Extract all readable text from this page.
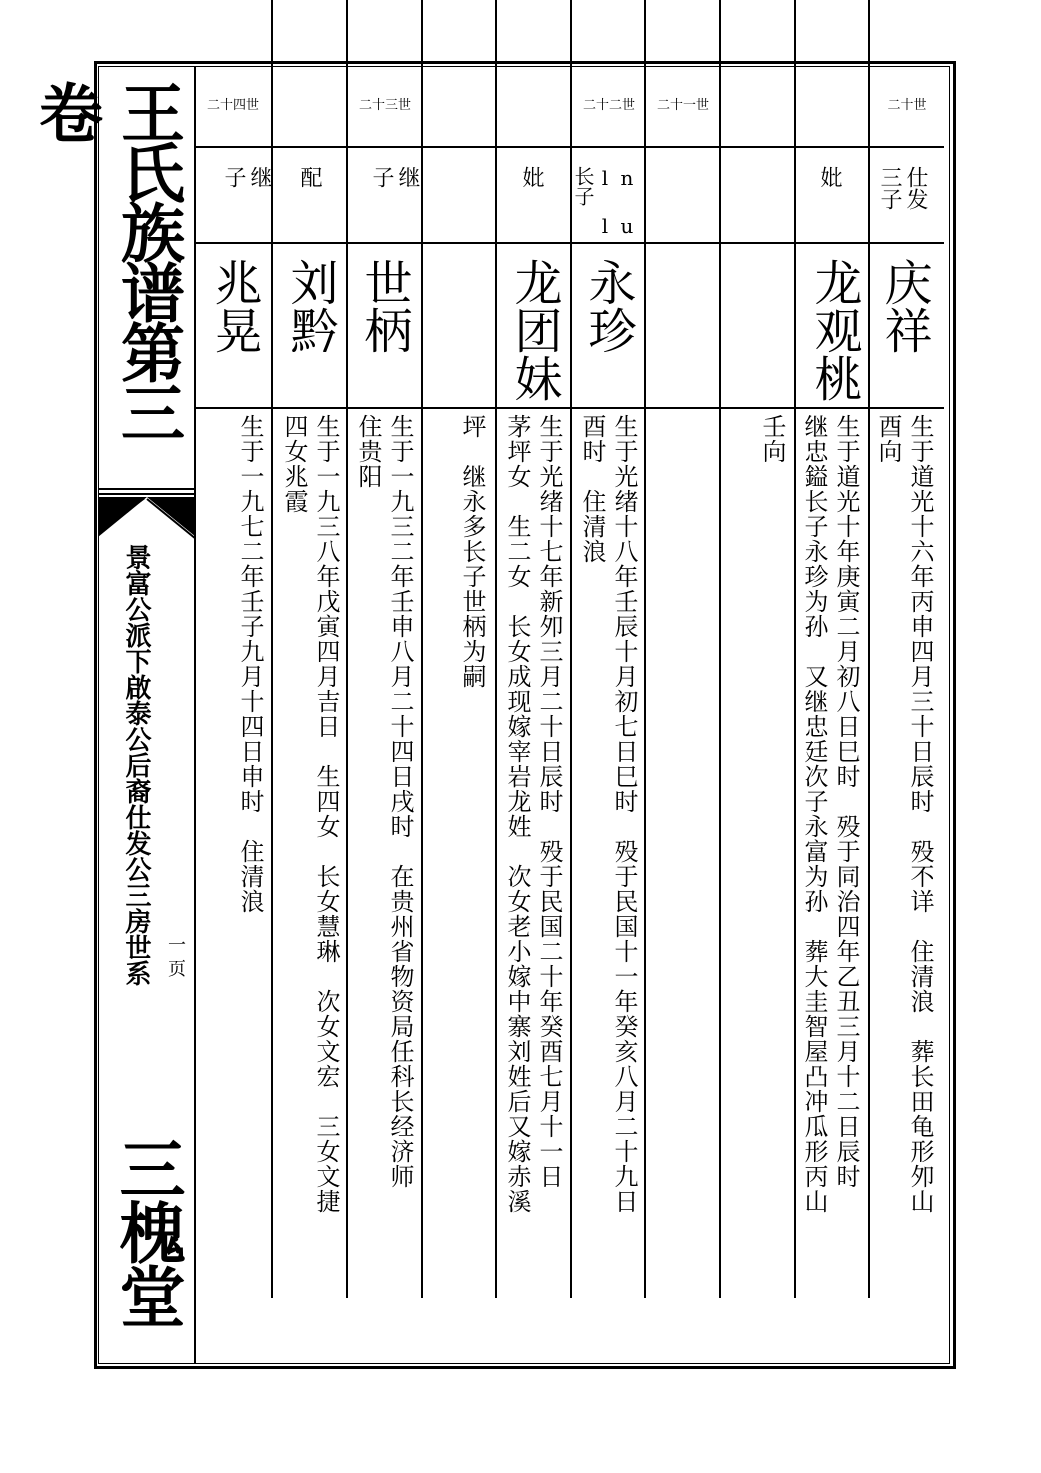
王氏族谱第三卷
景富公派下啟泰公后裔仕发公三房世系 一页
三槐堂
二十世
仕发
三子
庆祥
生于道光十六年丙申四月三十日辰时　殁不详　住清浪　葬长田龟形夘山
酉向
妣
龙观桃
生于道光十年庚寅二月初八日巳时　殁于同治四年乙丑三月十二日辰时
继忠鎰长子永珍为孙　又继忠廷次子永富为孙　葬大圭智屋凸冲瓜形丙山
壬向
二十一世
二十二世
n u
l l
长子
永珍
生于光绪十八年壬辰十月初七日巳时　殁于民国十一年癸亥八月二十九日
酉时　住清浪
妣
龙团妹
生于光绪十七年新夘三月二十日辰时　殁于民国二十年癸酉七月十一日
茅坪女　生二女　长女成现嫁宰岩龙姓　次女老小嫁中寨刘姓后又嫁赤溪
坪　继永多长子世柄为嗣
二十三世
继
子
世柄
生于一九三二年壬申八月二十四日戌时　在贵州省物资局任科长经济师
住贵阳
配
刘黔
生于一九三八年戊寅四月吉日　生四女　长女慧琳　次女文宏　三女文捷
四女兆霞
二十四世
继
子
兆晃
生于一九七二年壬子九月十四日申时　住清浪
